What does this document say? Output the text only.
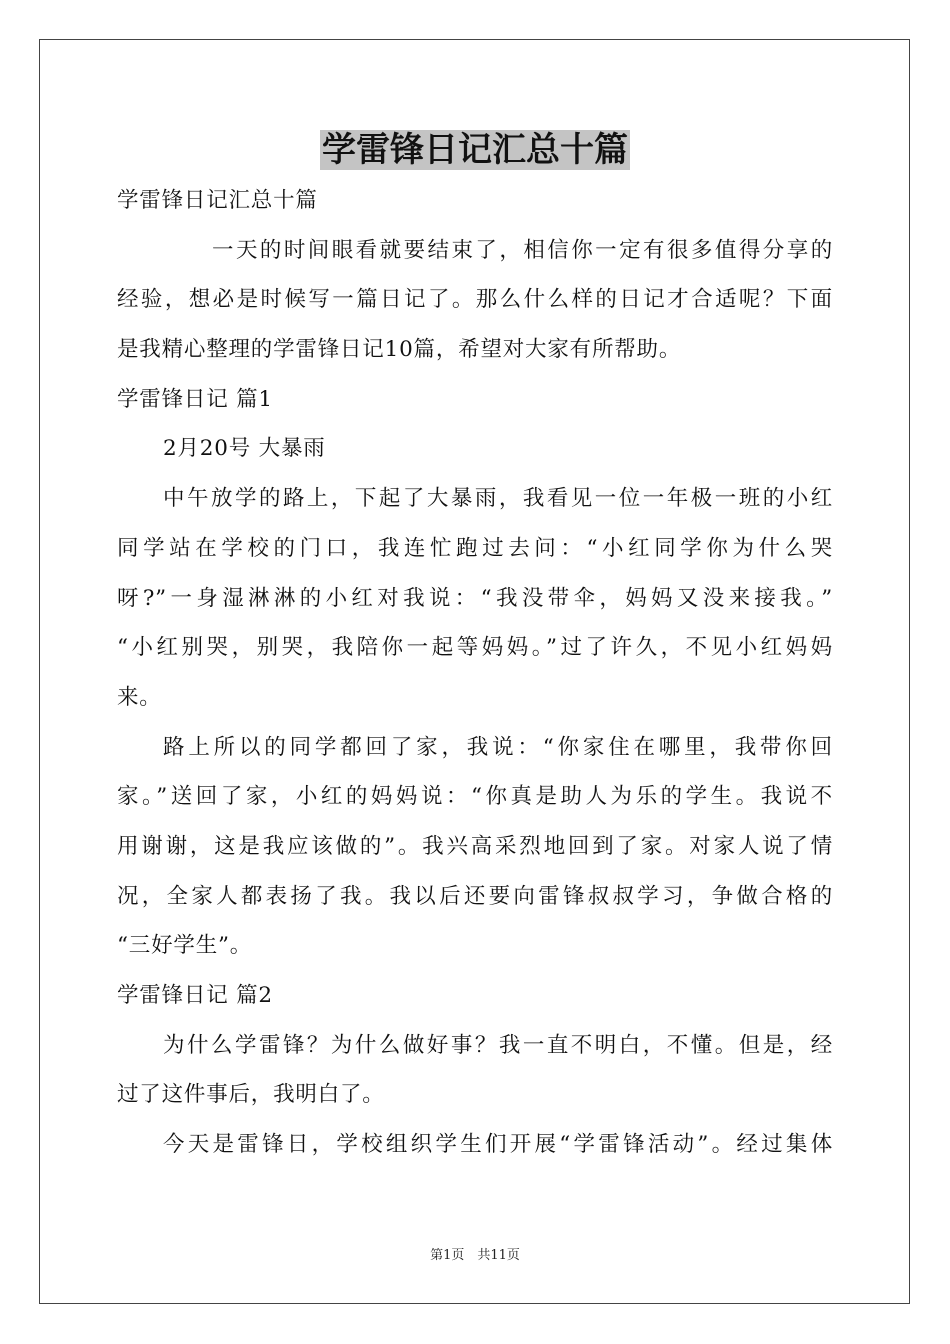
学雷锋日记汇总十篇

学雷锋日记汇总十篇

一天的时间眼看就要结束了，相信你一定有很多值得分享的

经验，想必是时候写一篇日记了。那么什么样的日记才合适呢？下面

是我精心整理的学雷锋日记10篇，希望对大家有所帮助。

学雷锋日记 篇1

2月20号 大暴雨

中午放学的路上，下起了大暴雨，我看见一位一年极一班的小红

同学站在学校的门口，我连忙跑过去问：“小红同学你为什么哭

呀?”一身湿淋淋的小红对我说：“我没带伞，妈妈又没来接我。”

“小红别哭，别哭，我陪你一起等妈妈。”过了许久，不见小红妈妈

来。

路上所以的同学都回了家，我说：“你家住在哪里，我带你回

家。”送回了家，小红的妈妈说：“你真是助人为乐的学生。我说不

用谢谢，这是我应该做的”。我兴高采烈地回到了家。对家人说了情

况，全家人都表扬了我。我以后还要向雷锋叔叔学习，争做合格的

“三好学生”。

学雷锋日记 篇2

为什么学雷锋？为什么做好事？我一直不明白，不懂。但是，经

过了这件事后，我明白了。

今天是雷锋日，学校组织学生们开展“学雷锋活动”。经过集体

第1页　共11页
